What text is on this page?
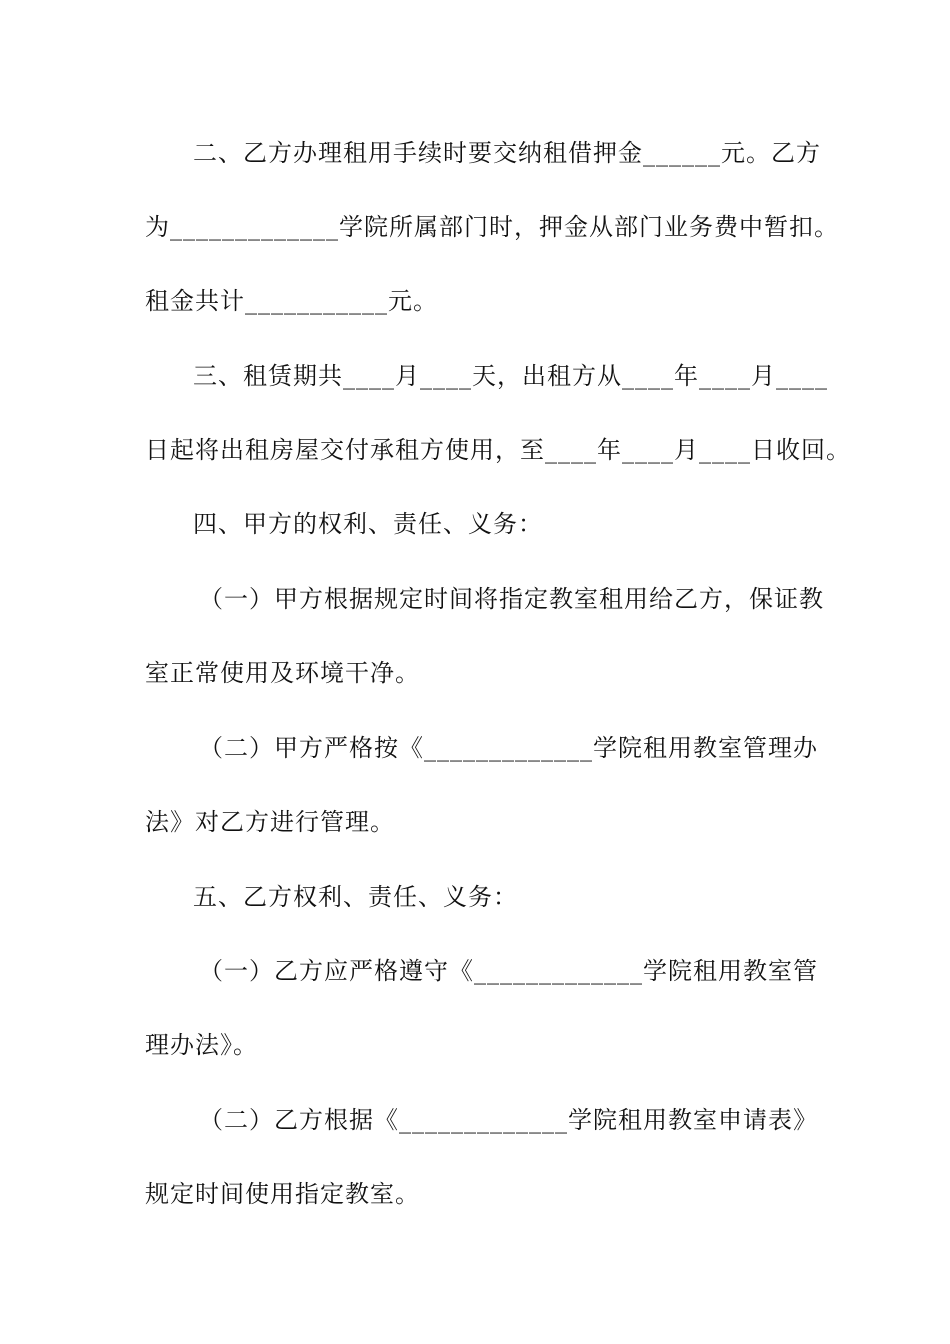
二、乙方办理租用手续时要交纳租借押金______元。乙方
为_____________学院所属部门时，押金从部门业务费中暂扣。
租金共计___________元。
三、租赁期共____月____天，出租方从____年____月____
日起将出租房屋交付承租方使用，至____年____月____日收回。
四、甲方的权利、责任、义务：
（一）甲方根据规定时间将指定教室租用给乙方，保证教
室正常使用及环境干净。
（二）甲方严格按《_____________学院租用教室管理办
法》对乙方进行管理。
五、乙方权利、责任、义务：
（一）乙方应严格遵守《_____________学院租用教室管
理办法》。
（二）乙方根据《_____________学院租用教室申请表》
规定时间使用指定教室。
